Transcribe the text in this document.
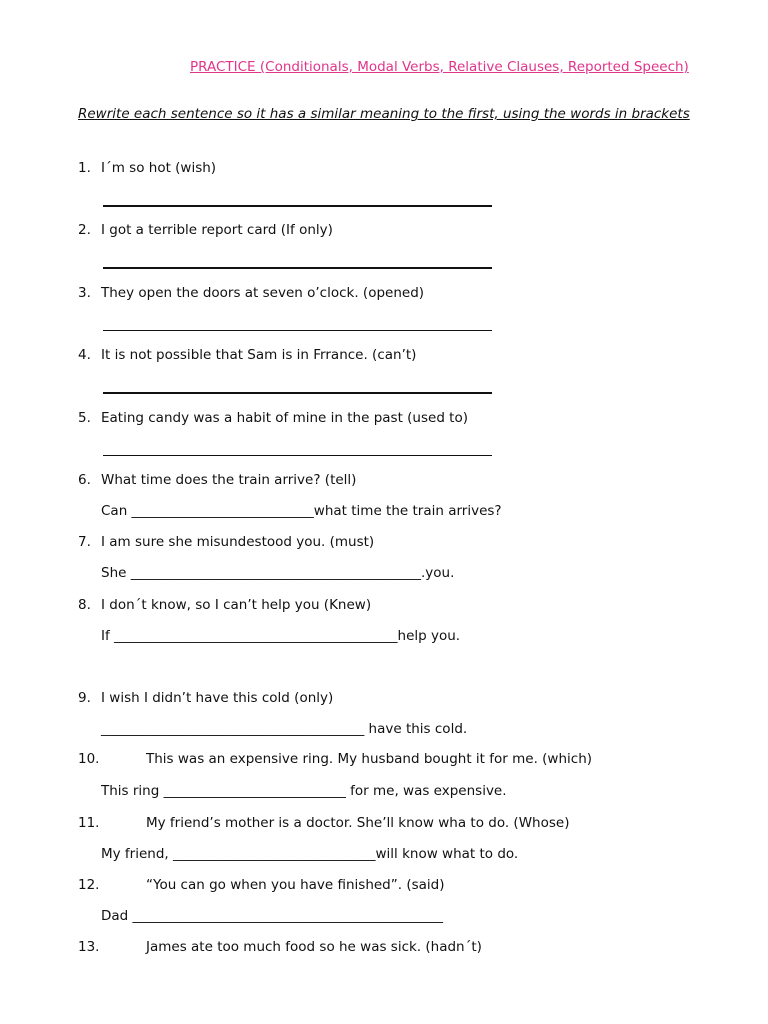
PRACTICE (Conditionals, Modal Verbs, Relative Clauses, Reported Speech)
Rewrite each sentence so it has a similar meaning to the first, using the words in brackets
1. I´m so hot (wish)
2. I got a terrible report card (If only)
3. They open the doors at seven o’clock. (opened)
4. It is not possible that Sam is in Frrance. (can’t)
5. Eating candy was a habit of mine in the past (used to)
6. What time does the train arrive? (tell)
Can ___________________________what time the train arrives?
7. I am sure she misundestood you. (must)
She ___________________________________________.you.
8. I don´t know, so I can’t help you (Knew)
If __________________________________________help you.
9. I wish I didn’t have this cold (only)
_______________________________________ have this cold.
10.	This was an expensive ring. My husband bought it for me. (which)
This ring ___________________________ for me, was expensive.
11.	My friend’s mother is a doctor. She’ll know wha to do. (Whose)
My friend, ______________________________will know what to do.
12.	“You can go when you have finished”. (said)
Dad ______________________________________________
13.	James ate too much food so he was sick. (hadn´t)
